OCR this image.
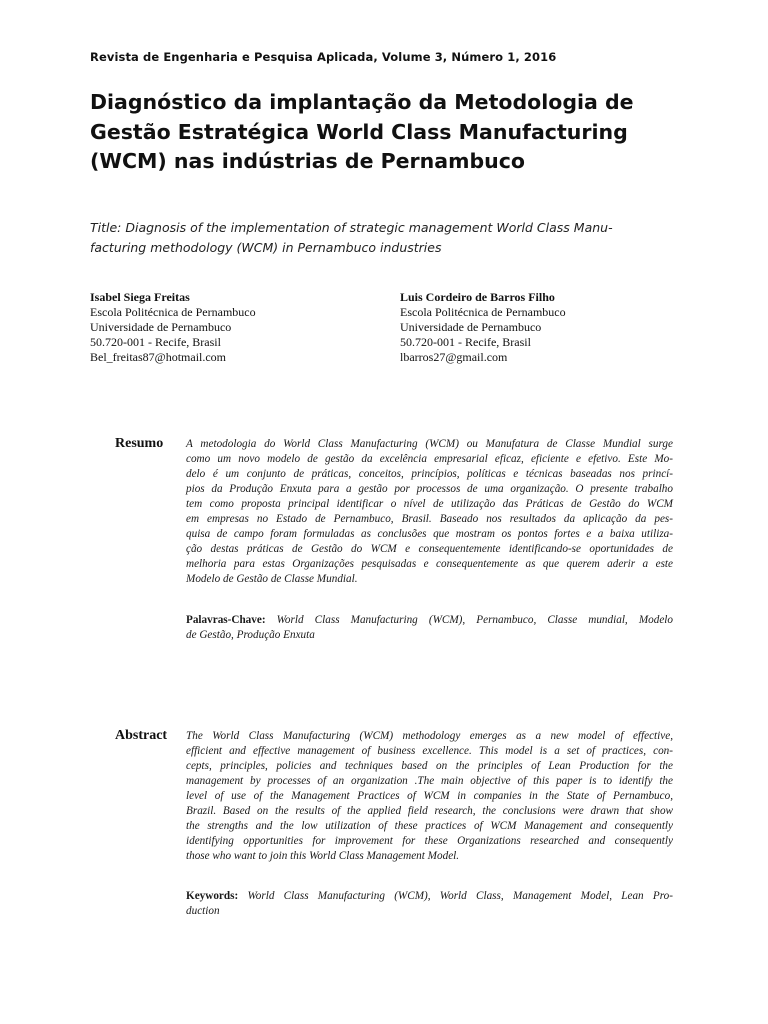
Revista de Engenharia e Pesquisa Aplicada, Volume 3, Número 1, 2016
Diagnóstico da implantação da Metodologia de
Gestão Estratégica World Class Manufacturing
(WCM) nas indústrias de Pernambuco
Title: Diagnosis of the implementation of strategic management World Class Manu-
facturing methodology (WCM) in Pernambuco industries
Isabel Siega Freitas
Escola Politécnica de Pernambuco
Universidade de Pernambuco
50.720-001 - Recife, Brasil
Bel_freitas87@hotmail.com
Luis Cordeiro de Barros Filho
Escola Politécnica de Pernambuco
Universidade de Pernambuco
50.720-001 - Recife, Brasil
lbarros27@gmail.com
Resumo A metodologia do World Class Manufacturing (WCM) ou Manufatura de Classe Mundial surge
como um novo modelo de gestão da excelência empresarial eficaz, eficiente e efetivo. Este Mo-
delo é um conjunto de práticas, conceitos, princípios, políticas e técnicas baseadas nos princí-
pios da Produção Enxuta para a gestão por processos de uma organização. O presente trabalho
tem como proposta principal identificar o nível de utilização das Práticas de Gestão do WCM
em empresas no Estado de Pernambuco, Brasil. Baseado nos resultados da aplicação da pes-
quisa de campo foram formuladas as conclusões que mostram os pontos fortes e a baixa utiliza-
ção destas práticas de Gestão do WCM e consequentemente identificando-se oportunidades de
melhoria para estas Organizações pesquisadas e consequentemente as que querem aderir a este
Modelo de Gestão de Classe Mundial.
Palavras-Chave: World Class Manufacturing (WCM), Pernambuco, Classe mundial, Modelo
de Gestão, Produção Enxuta
Abstract The World Class Manufacturing (WCM) methodology emerges as a new model of effective,
efficient and effective management of business excellence. This model is a set of practices, con-
cepts, principles, policies and techniques based on the principles of Lean Production for the
management by processes of an organization .The main objective of this paper is to identify the
level of use of the Management Practices of WCM in companies in the State of Pernambuco,
Brazil. Based on the results of the applied field research, the conclusions were drawn that show
the strengths and the low utilization of these practices of WCM Management and consequently
identifying opportunities for improvement for these Organizations researched and consequently
those who want to join this World Class Management Model.
Keywords: World Class Manufacturing (WCM), World Class, Management Model, Lean Pro-
duction
